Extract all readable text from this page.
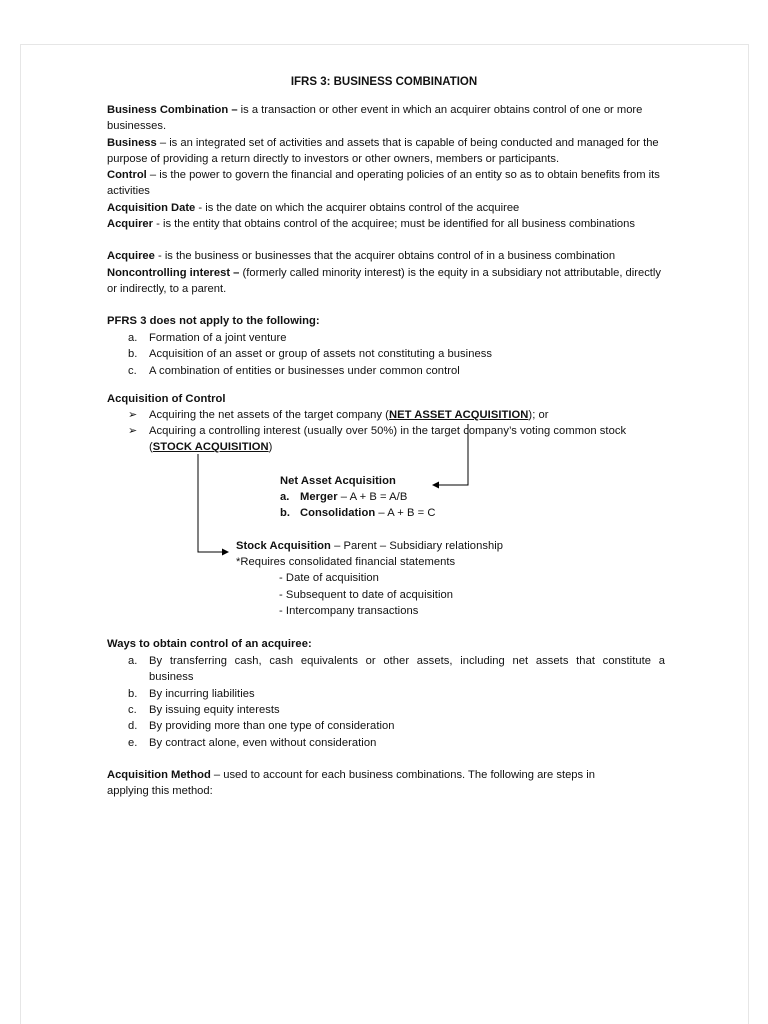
IFRS 3: BUSINESS COMBINATION
Business Combination – is a transaction or other event in which an acquirer obtains control of one or more businesses.
Business – is an integrated set of activities and assets that is capable of being conducted and managed for the purpose of providing a return directly to investors or other owners, members or participants.
Control – is the power to govern the financial and operating policies of an entity so as to obtain benefits from its activities
Acquisition Date - is the date on which the acquirer obtains control of the acquiree
Acquirer - is the entity that obtains control of the acquiree; must be identified for all business combinations
Acquiree - is the business or businesses that the acquirer obtains control of in a business combination
Noncontrolling interest – (formerly called minority interest) is the equity in a subsidiary not attributable, directly or indirectly, to a parent.
PFRS 3 does not apply to the following:
a. Formation of a joint venture
b. Acquisition of an asset or group of assets not constituting a business
c. A combination of entities or businesses under common control
Acquisition of Control
➢ Acquiring the net assets of the target company (NET ASSET ACQUISITION); or
➢ Acquiring a controlling interest (usually over 50%) in the target company’s voting common stock
(STOCK ACQUISITION)
Net Asset Acquisition
a. Merger – A + B = A/B
b. Consolidation – A + B = C
Stock Acquisition – Parent – Subsidiary relationship
*Requires consolidated financial statements
- Date of acquisition
- Subsequent to date of acquisition
- Intercompany transactions
Ways to obtain control of an acquiree:
a. By transferring cash, cash equivalents or other assets, including net assets that constitute a
business
b. By incurring liabilities
c. By issuing equity interests
d. By providing more than one type of consideration
e. By contract alone, even without consideration
Acquisition Method – used to account for each business combinations. The following are steps in applying this method:
